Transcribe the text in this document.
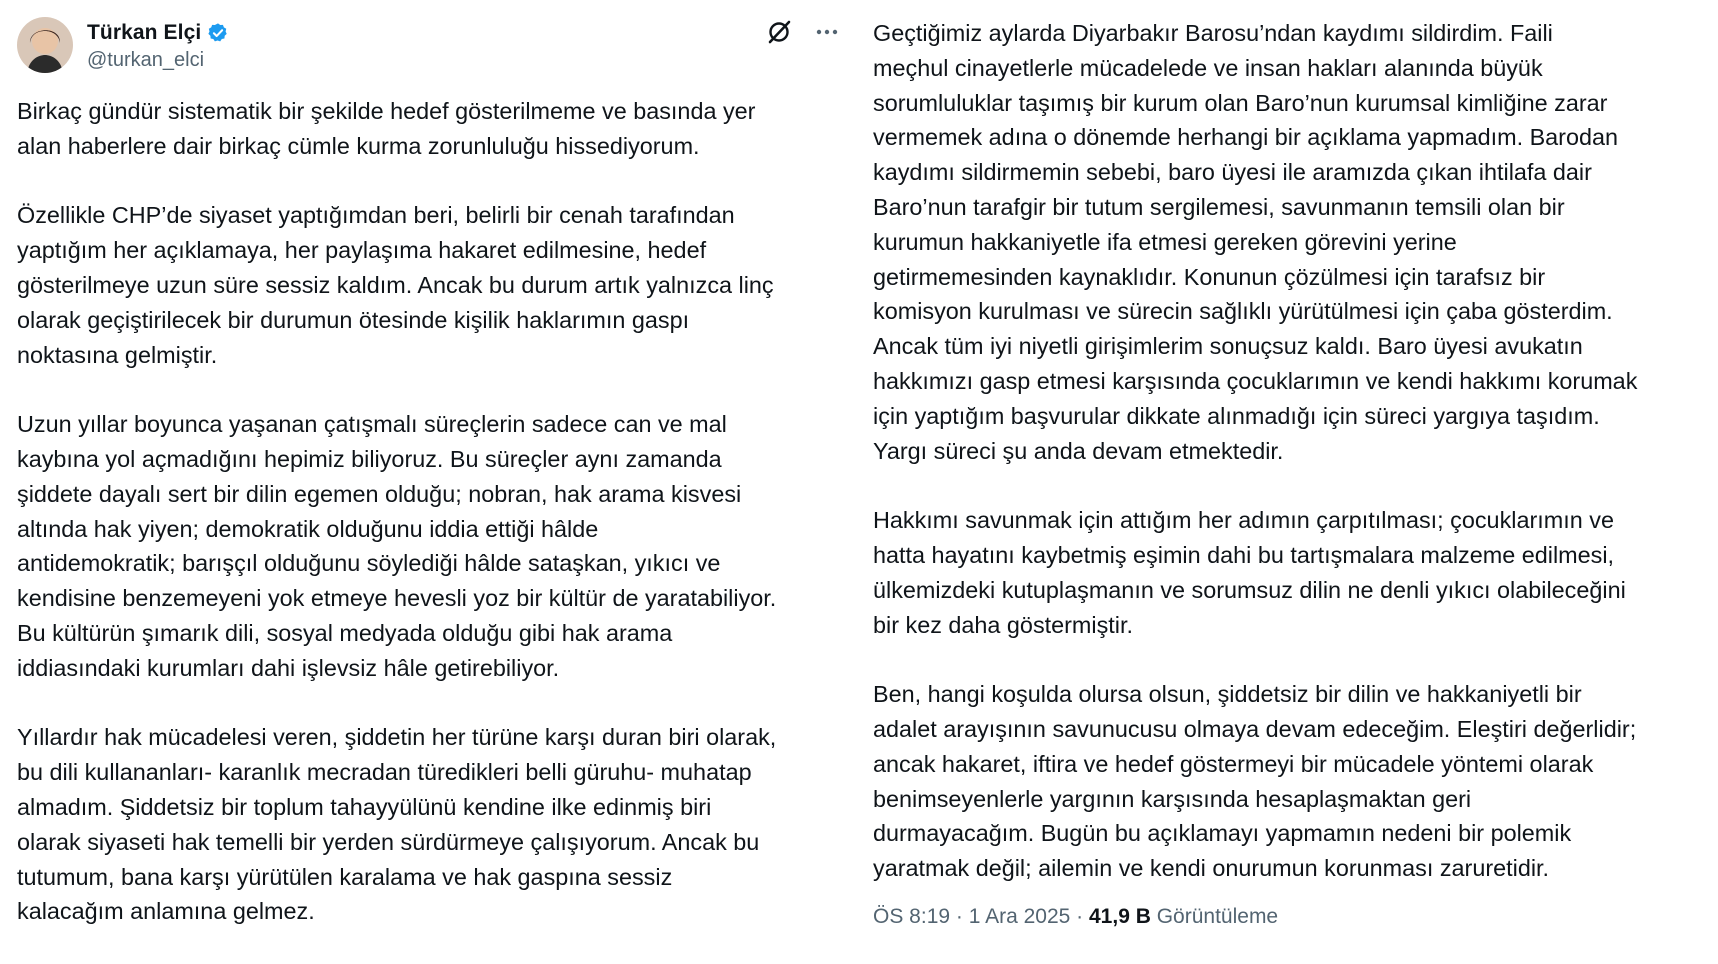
Türkan Elçi
@turkan_elci

Birkaç gündür sistematik bir şekilde hedef gösterilmeme ve basında yer
alan haberlere dair birkaç cümle kurma zorunluluğu hissediyorum.

Özellikle CHP’de siyaset yaptığımdan beri, belirli bir cenah tarafından
yaptığım her açıklamaya, her paylaşıma hakaret edilmesine, hedef
gösterilmeye uzun süre sessiz kaldım. Ancak bu durum artık yalnızca linç
olarak geçiştirilecek bir durumun ötesinde kişilik haklarımın gaspı
noktasına gelmiştir.

Uzun yıllar boyunca yaşanan çatışmalı süreçlerin sadece can ve mal
kaybına yol açmadığını hepimiz biliyoruz. Bu süreçler aynı zamanda
şiddete dayalı sert bir dilin egemen olduğu; nobran, hak arama kisvesi
altında hak yiyen; demokratik olduğunu iddia ettiği hâlde
antidemokratik; barışçıl olduğunu söylediği hâlde sataşkan, yıkıcı ve
kendisine benzemeyeni yok etmeye hevesli yoz bir kültür de yaratabiliyor.
Bu kültürün şımarık dili, sosyal medyada olduğu gibi hak arama
iddiasındaki kurumları dahi işlevsiz hâle getirebiliyor.

Yıllardır hak mücadelesi veren, şiddetin her türüne karşı duran biri olarak,
bu dili kullananları- karanlık mecradan türedikleri belli güruhu- muhatap
almadım. Şiddetsiz bir toplum tahayyülünü kendine ilke edinmiş biri
olarak siyaseti hak temelli bir yerden sürdürmeye çalışıyorum. Ancak bu
tutumum, bana karşı yürütülen karalama ve hak gaspına sessiz
kalacağım anlamına gelmez.

Geçtiğimiz aylarda Diyarbakır Barosu’ndan kaydımı sildirdim. Faili
meçhul cinayetlerle mücadelede ve insan hakları alanında büyük
sorumluluklar taşımış bir kurum olan Baro’nun kurumsal kimliğine zarar
vermemek adına o dönemde herhangi bir açıklama yapmadım. Barodan
kaydımı sildirmemin sebebi, baro üyesi ile aramızda çıkan ihtilafa dair
Baro’nun tarafgir bir tutum sergilemesi, savunmanın temsili olan bir
kurumun hakkaniyetle ifa etmesi gereken görevini yerine
getirmemesinden kaynaklıdır. Konunun çözülmesi için tarafsız bir
komisyon kurulması ve sürecin sağlıklı yürütülmesi için çaba gösterdim.
Ancak tüm iyi niyetli girişimlerim sonuçsuz kaldı. Baro üyesi avukatın
hakkımızı gasp etmesi karşısında çocuklarımın ve kendi hakkımı korumak
için yaptığım başvurular dikkate alınmadığı için süreci yargıya taşıdım.
Yargı süreci şu anda devam etmektedir.

Hakkımı savunmak için attığım her adımın çarpıtılması; çocuklarımın ve
hatta hayatını kaybetmiş eşimin dahi bu tartışmalara malzeme edilmesi,
ülkemizdeki kutuplaşmanın ve sorumsuz dilin ne denli yıkıcı olabileceğini
bir kez daha göstermiştir.

Ben, hangi koşulda olursa olsun, şiddetsiz bir dilin ve hakkaniyetli bir
adalet arayışının savunucusu olmaya devam edeceğim. Eleştiri değerlidir;
ancak hakaret, iftira ve hedef göstermeyi bir mücadele yöntemi olarak
benimseyenlerle yargının karşısında hesaplaşmaktan geri
durmayacağım. Bugün bu açıklamayı yapmamın nedeni bir polemik
yaratmak değil; ailemin ve kendi onurumun korunması zaruretidir.

ÖS 8:19 · 1 Ara 2025 · 41,9 B Görüntüleme
